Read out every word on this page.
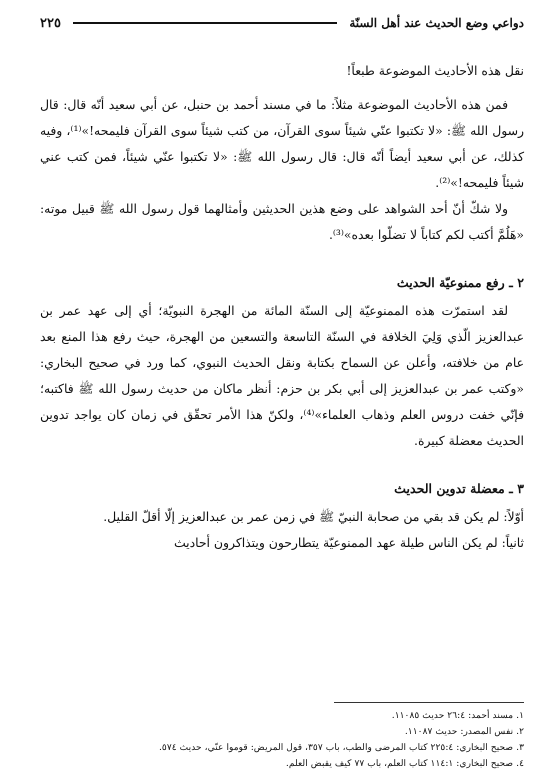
دواعي وضع الحديث عند أهل السنّة
٢٢٥

نقل هذه الأحاديث الموضوعة طبعاً!

فمن هذه الأحاديث الموضوعة مثلاً: ما في مسند أحمد بن حنبل، عن أبي سعيد أنّه قال: قال رسول الله ﷺ: «لا تكتبوا عنّي شيئاً سوى القرآن، من كتب شيئاً سوى القرآن فليمحه!»⁽¹⁾، وفيه كذلك، عن أبي سعيد أيضاً أنّه قال: قال رسول الله ﷺ: «لا تكتبوا عنّي شيئاً، فمن كتب عني شيئاً فليمحه!»⁽²⁾.

ولا شكّ أنّ أحد الشواهد على وضع هذين الحديثين وأمثالهما قول رسول الله ﷺ قبيل موته: «هَلُمَّ أكتب لكم كتاباً لا تضلّوا بعده»⁽³⁾.

٢ ـ رفع ممنوعيّة الحديث

لقد استمرّت هذه الممنوعيّة إلى السنّة المائة من الهجرة النبويّة؛ أي إلى عهد عمر بن عبدالعزيز الّذي وَلِيَ الخلافة في السنّة التاسعة والتسعين من الهجرة، حيث رفع هذا المنع بعد عام من خلافته، وأعلن عن السماح بكتابة ونقل الحديث النبوي، كما ورد في صحيح البخاري: «وكتب عمر بن عبدالعزيز إلى أبي بكر بن حزم: أنظر ماكان من حديث رسول الله ﷺ فاكتبه؛ فإنّي خفت دروس العلم وذهاب العلماء»⁽⁴⁾، ولكنّ هذا الأمر تحقّق في زمان كان يواجد تدوين الحديث معضلة كبيرة.

٣ ـ معضلة تدوين الحديث

أوّلاً: لم يكن قد بقي من صحابة النبيّ ﷺ في زمن عمر بن عبدالعزيز إلّا أقلّ القليل.

ثانياً: لم يكن الناس طيلة عهد الممنوعيّة يتطارحون ويتذاكرون أحاديث

١. مسند أحمد: ٢٦:٤ حديث ١١٠٨٥.
٢. نفس المصدر: حديث ١١٠٨٧.
٣. صحيح البخاري: ٢٢٥:٤ كتاب المرضى والطب، باب ٣٥٧، قول المريض: قوموا عنّي، حديث ٥٧٤.
٤. صحيح البخاري: ١١٤:١ كتاب العلم، باب ٧٧ كيف يقبض العلم.
